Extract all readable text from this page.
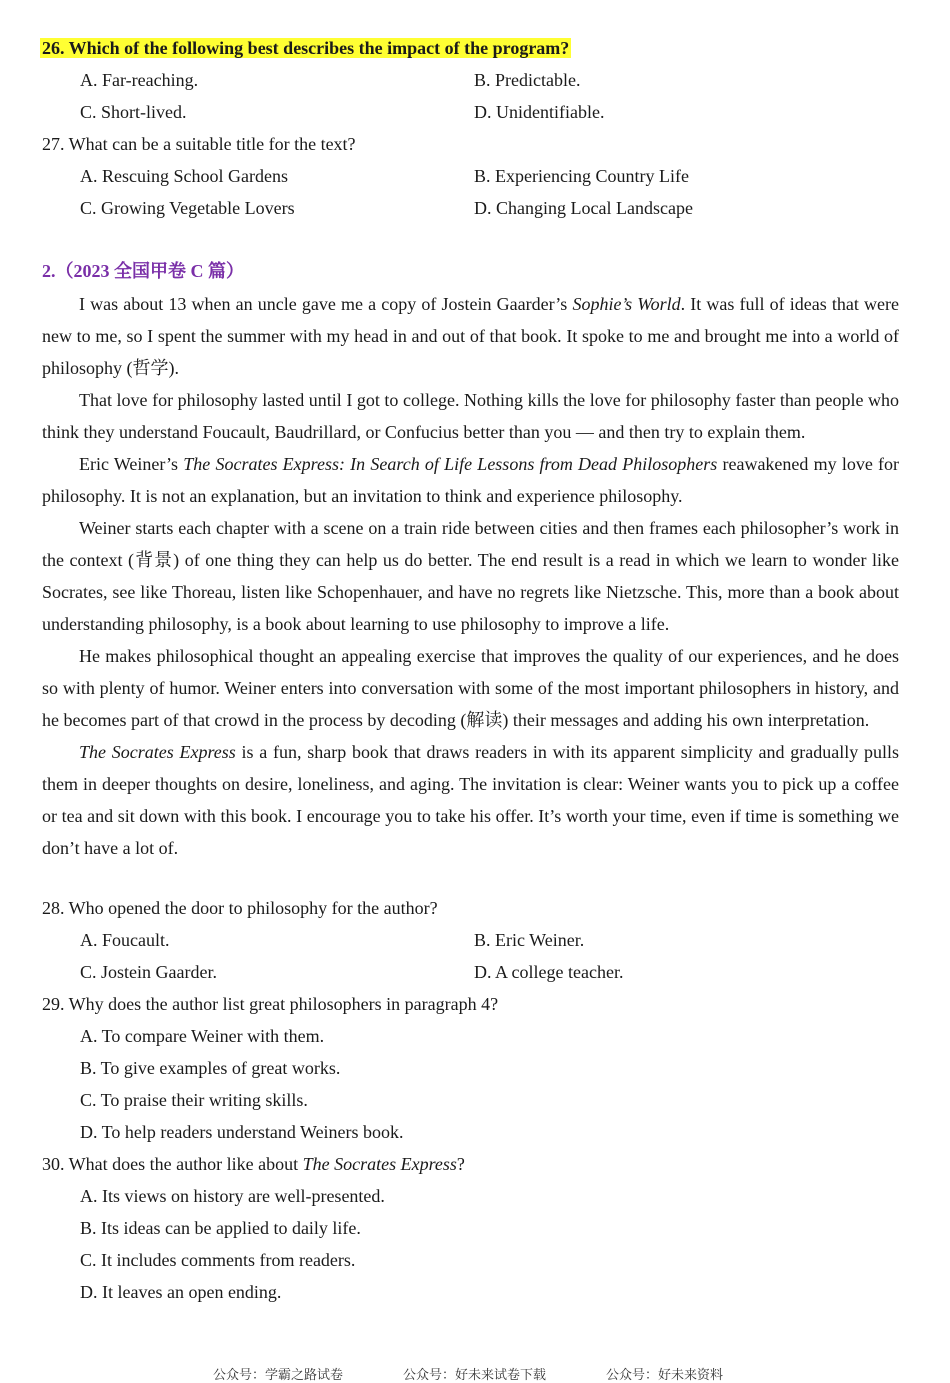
26. Which of the following best describes the impact of the program?
A. Far-reaching.	B. Predictable.
C. Short-lived.	D. Unidentifiable.
27. What can be a suitable title for the text?
A. Rescuing School Gardens	B. Experiencing Country Life
C. Growing Vegetable Lovers	D. Changing Local Landscape
2.（2023 全国甲卷 C 篇）

I was about 13 when an uncle gave me a copy of Jostein Gaarder’s Sophie’s World. It was full of ideas that were new to me, so I spent the summer with my head in and out of that book. It spoke to me and brought me into a world of philosophy (哲学).

That love for philosophy lasted until I got to college. Nothing kills the love for philosophy faster than people who think they understand Foucault, Baudrillard, or Confucius better than you — and then try to explain them.

Eric Weiner’s The Socrates Express: In Search of Life Lessons from Dead Philosophers reawakened my love for philosophy. It is not an explanation, but an invitation to think and experience philosophy.

Weiner starts each chapter with a scene on a train ride between cities and then frames each philosopher’s work in the context (背景) of one thing they can help us do better. The end result is a read in which we learn to wonder like Socrates, see like Thoreau, listen like Schopenhauer, and have no regrets like Nietzsche. This, more than a book about understanding philosophy, is a book about learning to use philosophy to improve a life.

He makes philosophical thought an appealing exercise that improves the quality of our experiences, and he does so with plenty of humor. Weiner enters into conversation with some of the most important philosophers in history, and he becomes part of that crowd in the process by decoding (解读) their messages and adding his own interpretation.

The Socrates Express is a fun, sharp book that draws readers in with its apparent simplicity and gradually pulls them in deeper thoughts on desire, loneliness, and aging. The invitation is clear: Weiner wants you to pick up a coffee or tea and sit down with this book. I encourage you to take his offer. It’s worth your time, even if time is something we don’t have a lot of.

28. Who opened the door to philosophy for the author?
A. Foucault.	B. Eric Weiner.
C. Jostein Gaarder.	D. A college teacher.
29. Why does the author list great philosophers in paragraph 4?
A. To compare Weiner with them.
B. To give examples of great works.
C. To praise their writing skills.
D. To help readers understand Weiners book.
30. What does the author like about The Socrates Express?
A. Its views on history are well-presented.
B. Its ideas can be applied to daily life.
C. It includes comments from readers.
D. It leaves an open ending.
公众号：学霸之路试卷	公众号：好未来试卷下载	公众号：好未来资料
